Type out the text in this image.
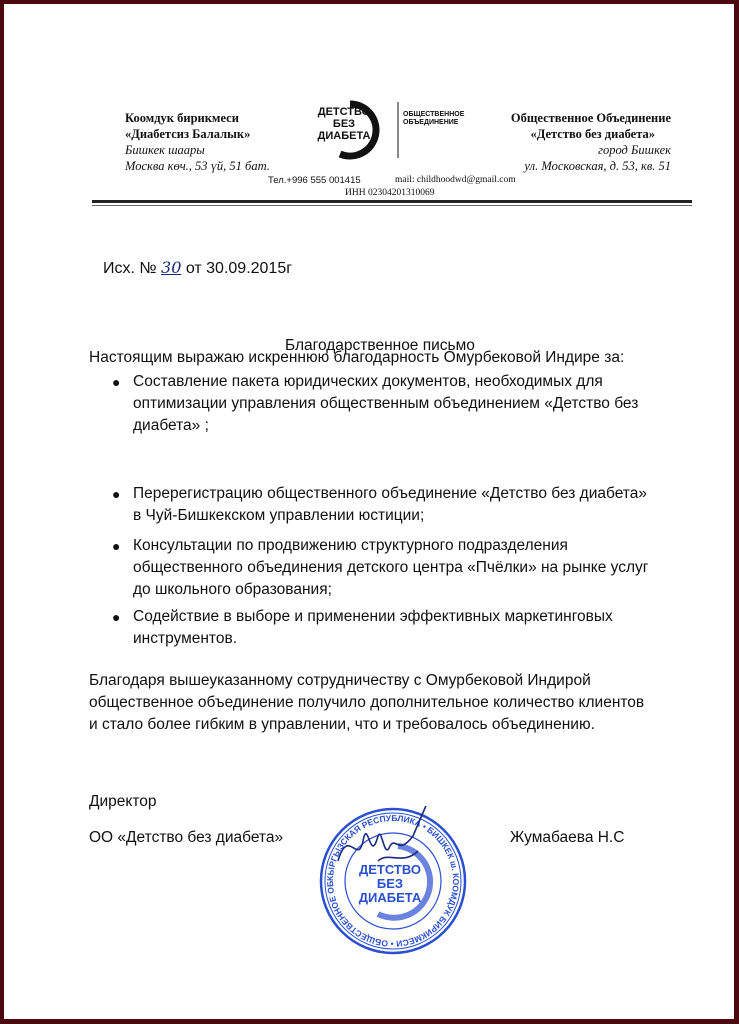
Коомдук бирикмеси
«Диабетсиз Балалык»
Бишкек шаары
Москва көч., 53 үй, 51 бат.
ДЕТСТВО
БЕЗ
ДИАБЕТА
ОБЩЕСТВЕННОЕ
ОБЪЕДИНЕНИЕ	Общественное Объединение
«Детство без диабета»
город Бишкек
ул. Московская, д. 53, кв. 51
Тел.+996 555 001415	mail: childhoodwd@gmail.com
ИНН 02304201310069
Исх. № 30 от 30.09.2015г
Благодарственное письмо
Настоящим выражаю искреннюю благодарность Омурбековой Индире за:
● Составление пакета юридических документов, необходимых для
оптимизации управления общественным объединением «Детство без
диабета» ;
● Перерегистрацию общественного объединение «Детство без диабета»
в Чуй-Бишкекском управлении юстиции;
● Консультации по продвижению структурного подразделения
общественного объединения детского центра «Пчёлки» на рынке услуг
до школьного образования;
● Содействие в выборе и применении эффективных маркетинговых
инструментов.
Благодаря вышеуказанному сотрудничеству с Омурбековой Индирой
общественное объединение получило дополнительное количество клиентов
и стало более гибким в управлении, что и требовалось объединению.
Директор
ОО «Детство без диабета»	Жумабаева Н.С
КЫРГЫЗСКАЯ РЕСПУБЛИКА • БИШКЕК ш. КООМДУК БИРИКМЕСИ • ОБЩЕСТВЕННОЕ ОБ
ДЕТСТВО
БЕЗ
ДИАБЕТА
